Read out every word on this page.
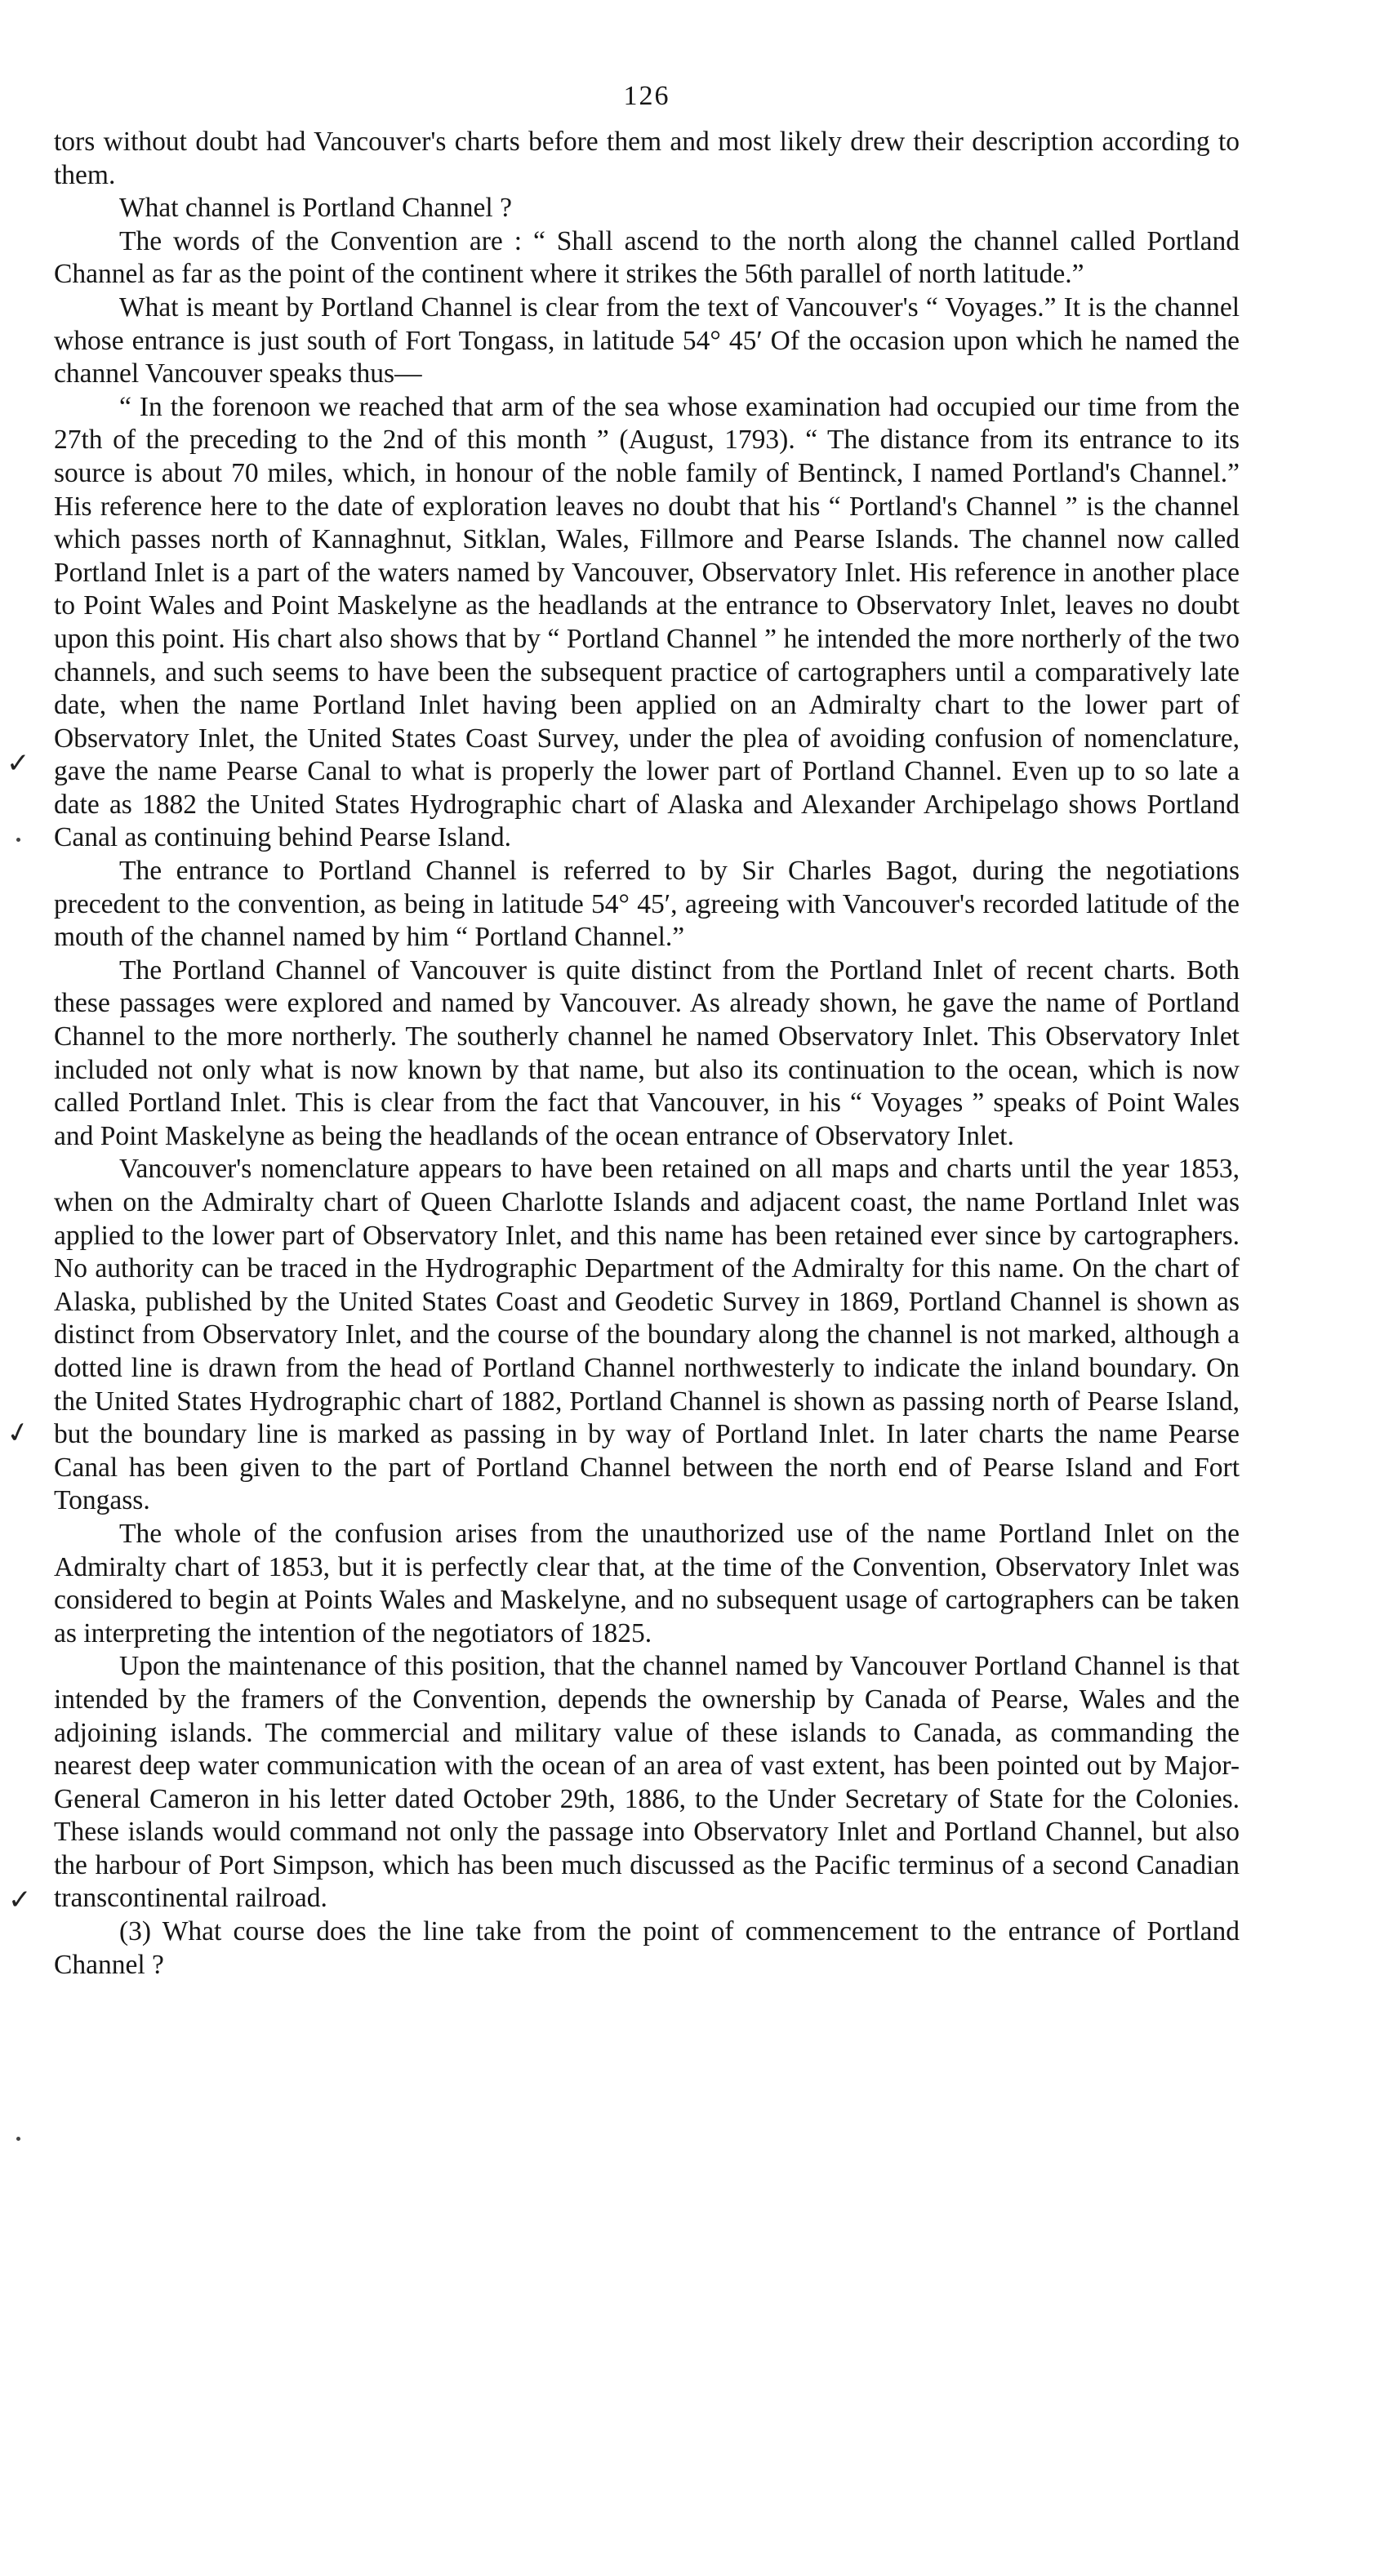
✓
✓
✓
126

tors without doubt had Vancouver's charts before them and most likely drew their description according to them.

What channel is Portland Channel ?

The words of the Convention are : “ Shall ascend to the north along the channel called Portland Channel as far as the point of the continent where it strikes the 56th parallel of north latitude.”

What is meant by Portland Channel is clear from the text of Vancouver's “ Voyages.” It is the channel whose entrance is just south of Fort Tongass, in latitude 54° 45′ Of the occasion upon which he named the channel Vancouver speaks thus—

“ In the forenoon we reached that arm of the sea whose examination had occupied our time from the 27th of the preceding to the 2nd of this month ” (August, 1793). “ The distance from its entrance to its source is about 70 miles, which, in honour of the noble family of Bentinck, I named Portland's Channel.” His reference here to the date of exploration leaves no doubt that his “ Portland's Channel ” is the channel which passes north of Kannaghnut, Sitklan, Wales, Fillmore and Pearse Islands. The channel now called Portland Inlet is a part of the waters named by Vancouver, Observatory Inlet. His reference in another place to Point Wales and Point Maskelyne as the headlands at the entrance to Observatory Inlet, leaves no doubt upon this point. His chart also shows that by “ Portland Channel ” he intended the more northerly of the two channels, and such seems to have been the subsequent practice of cartographers until a comparatively late date, when the name Portland Inlet having been applied on an Admiralty chart to the lower part of Observatory Inlet, the United States Coast Survey, under the plea of avoiding confusion of nomenclature, gave the name Pearse Canal to what is properly the lower part of Portland Channel. Even up to so late a date as 1882 the United States Hydrographic chart of Alaska and Alexander Archipelago shows Portland Canal as continuing behind Pearse Island.

The entrance to Portland Channel is referred to by Sir Charles Bagot, during the negotiations precedent to the convention, as being in latitude 54° 45′, agreeing with Vancouver's recorded latitude of the mouth of the channel named by him “ Portland Channel.”

The Portland Channel of Vancouver is quite distinct from the Portland Inlet of recent charts. Both these passages were explored and named by Vancouver. As already shown, he gave the name of Portland Channel to the more northerly. The southerly channel he named Observatory Inlet. This Observatory Inlet included not only what is now known by that name, but also its continuation to the ocean, which is now called Portland Inlet. This is clear from the fact that Vancouver, in his “ Voyages ” speaks of Point Wales and Point Maskelyne as being the headlands of the ocean entrance of Observatory Inlet.

Vancouver's nomenclature appears to have been retained on all maps and charts until the year 1853, when on the Admiralty chart of Queen Charlotte Islands and adjacent coast, the name Portland Inlet was applied to the lower part of Observatory Inlet, and this name has been retained ever since by cartographers. No authority can be traced in the Hydrographic Department of the Admiralty for this name. On the chart of Alaska, published by the United States Coast and Geodetic Survey in 1869, Portland Channel is shown as distinct from Observatory Inlet, and the course of the boundary along the channel is not marked, although a dotted line is drawn from the head of Portland Channel northwesterly to indicate the inland boundary. On the United States Hydrographic chart of 1882, Portland Channel is shown as passing north of Pearse Island, but the boundary line is marked as passing in by way of Portland Inlet. In later charts the name Pearse Canal has been given to the part of Portland Channel between the north end of Pearse Island and Fort Tongass.

The whole of the confusion arises from the unauthorized use of the name Portland Inlet on the Admiralty chart of 1853, but it is perfectly clear that, at the time of the Convention, Observatory Inlet was considered to begin at Points Wales and Maskelyne, and no subsequent usage of cartographers can be taken as interpreting the intention of the negotiators of 1825.

Upon the maintenance of this position, that the channel named by Vancouver Portland Channel is that intended by the framers of the Convention, depends the ownership by Canada of Pearse, Wales and the adjoining islands. The commercial and military value of these islands to Canada, as commanding the nearest deep water communication with the ocean of an area of vast extent, has been pointed out by Major-General Cameron in his letter dated October 29th, 1886, to the Under Secretary of State for the Colonies. These islands would command not only the passage into Observatory Inlet and Portland Channel, but also the harbour of Port Simpson, which has been much discussed as the Pacific terminus of a second Canadian transcontinental railroad.

(3) What course does the line take from the point of commencement to the entrance of Portland Channel ?
